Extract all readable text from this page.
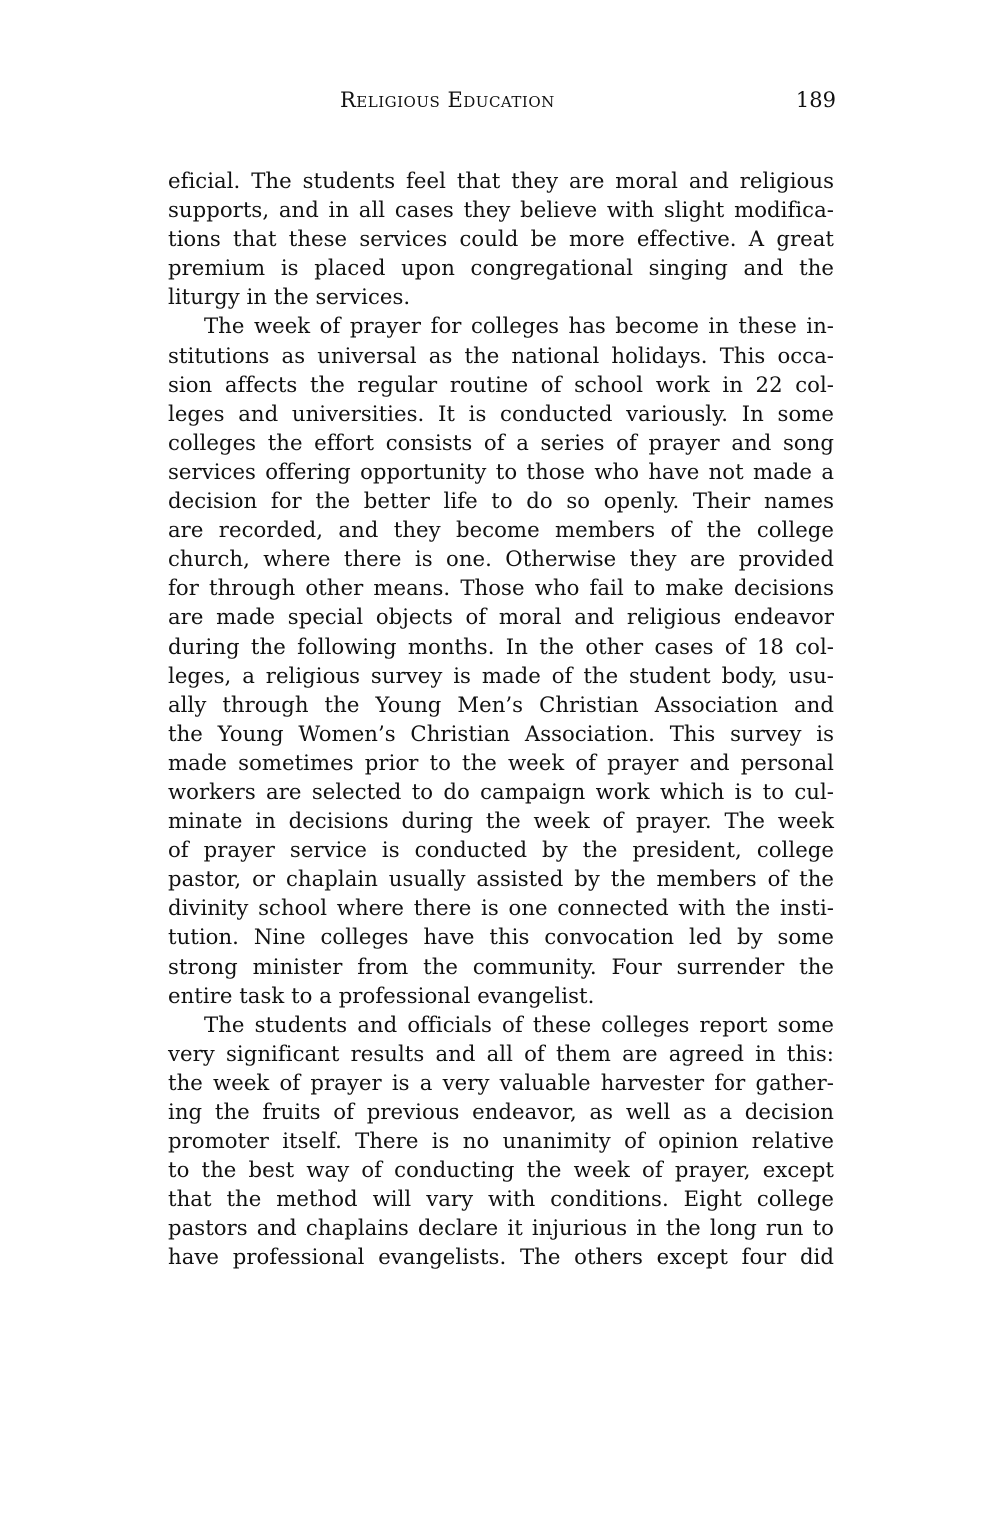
Religious Education	189
eficial. The students feel that they are moral and religious
supports, and in all cases they believe with slight modifica-
tions that these services could be more effective. A great
premium is placed upon congregational singing and the
liturgy in the services.
The week of prayer for colleges has become in these in-
stitutions as universal as the national holidays. This occa-
sion affects the regular routine of school work in 22 col-
leges and universities. It is conducted variously. In some
colleges the effort consists of a series of prayer and song
services offering opportunity to those who have not made a
decision for the better life to do so openly. Their names
are recorded, and they become members of the college
church, where there is one. Otherwise they are provided
for through other means. Those who fail to make decisions
are made special objects of moral and religious endeavor
during the following months. In the other cases of 18 col-
leges, a religious survey is made of the student body, usu-
ally through the Young Men’s Christian Association and
the Young Women’s Christian Association. This survey is
made sometimes prior to the week of prayer and personal
workers are selected to do campaign work which is to cul-
minate in decisions during the week of prayer. The week
of prayer service is conducted by the president, college
pastor, or chaplain usually assisted by the members of the
divinity school where there is one connected with the insti-
tution. Nine colleges have this convocation led by some
strong minister from the community. Four surrender the
entire task to a professional evangelist.
The students and officials of these colleges report some
very significant results and all of them are agreed in this:
the week of prayer is a very valuable harvester for gather-
ing the fruits of previous endeavor, as well as a decision
promoter itself. There is no unanimity of opinion relative
to the best way of conducting the week of prayer, except
that the method will vary with conditions. Eight college
pastors and chaplains declare it injurious in the long run to
have professional evangelists. The others except four did
